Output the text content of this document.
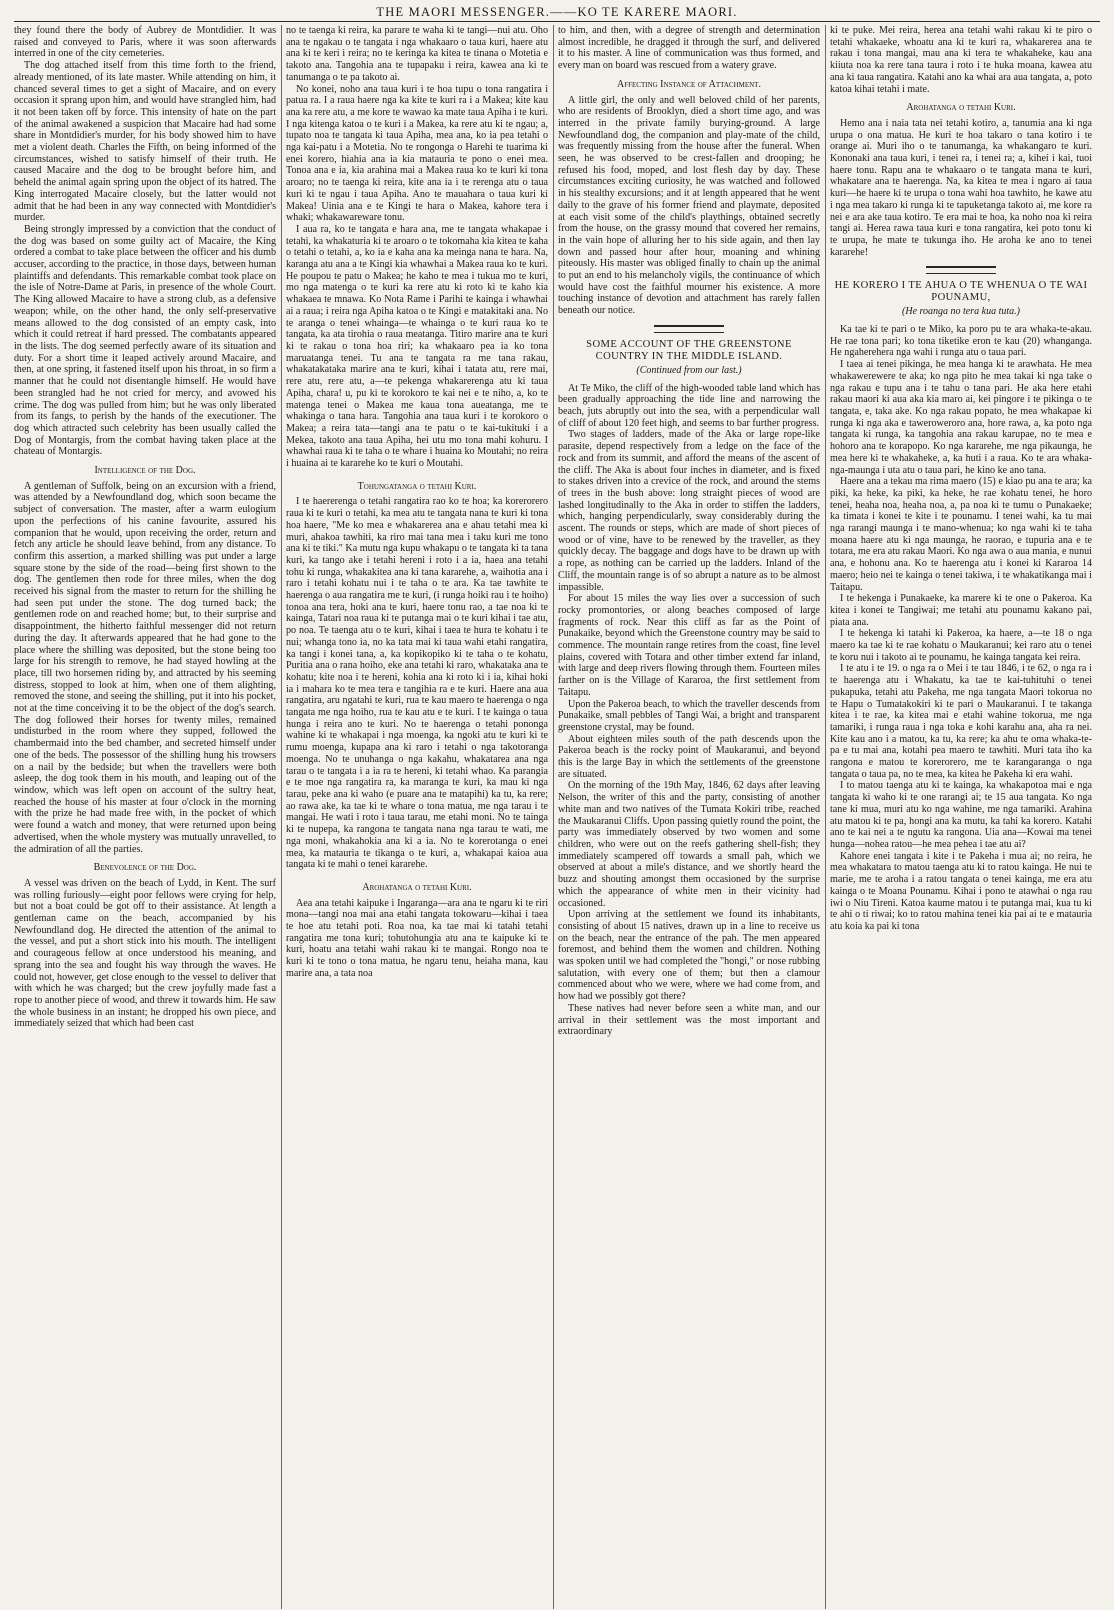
THE MAORI MESSENGER.——KO TE KARERE MAORI.

they found there the body of Aubrey de Montdidier. It was raised and conveyed to Paris, where it was soon afterwards interred in one of the city cemeteries.

The dog attached itself from this time forth to the friend, already mentioned, of its late master. While attending on him, it chanced several times to get a sight of Macaire, and on every occasion it sprang upon him, and would have strangled him, had it not been taken off by force. This intensity of hate on the part of the animal awakened a suspicion that Macaire had had some share in Montdidier's murder, for his body showed him to have met a violent death. Charles the Fifth, on being informed of the circumstances, wished to satisfy himself of their truth. He caused Macaire and the dog to be brought before him, and beheld the animal again spring upon the object of its hatred. The King interrogated Macaire closely, but the latter would not admit that he had been in any way connected with Montdidier's murder.

Being strongly impressed by a conviction that the conduct of the dog was based on some guilty act of Macaire, the King ordered a combat to take place between the officer and his dumb accuser, according to the practice, in those days, between human plaintiffs and defendants. This remarkable combat took place on the isle of Notre-Dame at Paris, in presence of the whole Court. The King allowed Macaire to have a strong club, as a defensive weapon; while, on the other hand, the only self-preservative means allowed to the dog consisted of an empty cask, into which it could retreat if hard pressed. The combatants appeared in the lists. The dog seemed perfectly aware of its situation and duty. For a short time it leaped actively around Macaire, and then, at one spring, it fastened itself upon his throat, in so firm a manner that he could not disentangle himself. He would have been strangled had he not cried for mercy, and avowed his crime. The dog was pulled from him; but he was only liberated from its fangs, to perish by the hands of the executioner. The dog which attracted such celebrity has been usually called the Dog of Montargis, from the combat having taken place at the chateau of Montargis.

Intelligence of the Dog.

A gentleman of Suffolk, being on an excursion with a friend, was attended by a Newfoundland dog, which soon became the subject of conversation. The master, after a warm eulogium upon the perfections of his canine favourite, assured his companion that he would, upon receiving the order, return and fetch any article he should leave behind, from any distance. To confirm this assertion, a marked shilling was put under a large square stone by the side of the road—being first shown to the dog. The gentlemen then rode for three miles, when the dog received his signal from the master to return for the shilling he had seen put under the stone. The dog turned back; the gentlemen rode on and reached home; but, to their surprise and disappointment, the hitherto faithful messenger did not return during the day. It afterwards appeared that he had gone to the place where the shilling was deposited, but the stone being too large for his strength to remove, he had stayed howling at the place, till two horsemen riding by, and attracted by his seeming distress, stopped to look at him, when one of them alighting, removed the stone, and seeing the shilling, put it into his pocket, not at the time conceiving it to be the object of the dog's search. The dog followed their horses for twenty miles, remained undisturbed in the room where they supped, followed the chambermaid into the bed chamber, and secreted himself under one of the beds. The possessor of the shilling hung his trowsers on a nail by the bedside; but when the travellers were both asleep, the dog took them in his mouth, and leaping out of the window, which was left open on account of the sultry heat, reached the house of his master at four o'clock in the morning with the prize he had made free with, in the pocket of which were found a watch and money, that were returned upon being advertised, when the whole mystery was mutually unravelled, to the admiration of all the parties.

Benevolence of the Dog.

A vessel was driven on the beach of Lydd, in Kent. The surf was rolling furiously—eight poor fellows were crying for help, but not a boat could be got off to their assistance. At length a gentleman came on the beach, accompanied by his Newfoundland dog. He directed the attention of the animal to the vessel, and put a short stick into his mouth. The intelligent and courageous fellow at once understood his meaning, and sprang into the sea and fought his way through the waves. He could not, however, get close enough to the vessel to deliver that with which he was charged; but the crew joyfully made fast a rope to another piece of wood, and threw it towards him. He saw the whole business in an instant; he dropped his own piece, and immediately seized that which had been cast

no te taenga ki reira, ka parare te waha ki te tangi—nui atu. Oho ana te ngakau o te tangata i nga whakaaro o taua kuri, haere atu ana ki te keri i reira; no te keringa ka kitea te tinana o Motetia e takoto ana. Tangohia ana te tupapaku i reira, kawea ana ki te tanumanga o te pa takoto ai.

No konei, noho ana taua kuri i te hoa tupu o tona rangatira i patua ra. I a raua haere nga ka kite te kuri ra i a Makea; kite kau ana ka rere atu, a me kore te wawao ka mate taua Apiha i te kuri. I nga kitenga katoa o te kuri i a Makea, ka rere atu ki te ngau; a, tupato noa te tangata ki taua Apiha, mea ana, ko ia pea tetahi o nga kai-patu i a Motetia. No te rongonga o Harehi te tuarima ki enei korero, hiahia ana ia kia matauria te pono o enei mea. Tonoa ana e ia, kia arahina mai a Makea raua ko te kuri ki tona aroaro; no te taenga ki reira, kite ana ia i te rerenga atu o taua kuri ki te ngau i taua Apiha. Ano te mauahara o taua kuri ki Makea! Uinia ana e te Kingi te hara o Makea, kahore tera i whaki; whakawareware tonu.

I aua ra, ko te tangata e hara ana, me te tangata whakapae i tetahi, ka whakaturia ki te aroaro o te tokomaha kia kitea te kaha o tetahi o tetahi, a, ko ia e kaha ana ka meinga nana te hara. Na, karanga atu ana a te Kingi kia whawhai a Makea raua ko te kuri. He poupou te patu o Makea; he kaho te mea i tukua mo te kuri, mo nga matenga o te kuri ka rere atu ki roto ki te kaho kia whakaea te mnawa. Ko Nota Rame i Parihi te kainga i whawhai ai a raua; i reira nga Apiha katoa o te Kingi e matakitaki ana. No te aranga o tenei whainga—te whainga o te kuri raua ko te tangata, ka ata tirohia o raua meatanga. Titiro marire ana te kuri ki te rakau o tona hoa riri; ka whakaaro pea ia ko tona maruatanga tenei. Tu ana te tangata ra me tana rakau, whakatakataka marire ana te kuri, kihai i tatata atu, rere mai, rere atu, rere atu, a—te pekenga whakarerenga atu ki taua Apiha, chara! u, pu ki te korokoro te kai nei e te niho, a, ko te matenga tenei o Makea me kaua tona aueatanga, me te whakinga o tana hara. Tangohia ana taua kuri i te korokoro o Makea; a reira tata—tangi ana te patu o te kai-tukituki i a Mekea, takoto ana taua Apiha, hei utu mo tona mahi kohuru. I whawhai raua ki te taha o te whare i huaina ko Moutahi; no reira i huaina ai te kararehe ko te kuri o Moutahi.

Tohungatanga o tetahi Kuri.

I te haererenga o tetahi rangatira rao ko te hoa; ka korerorero raua ki te kuri o tetahi, ka mea atu te tangata nana te kuri ki tona hoa haere, "Me ko mea e whakarerea ana e ahau tetahi mea ki muri, ahakoa tawhiti, ka riro mai tana mea i taku kuri me tono ana ki te tiki." Ka mutu nga kupu whakapu o te tangata ki ta tana kuri, ka tango ake i tetahi hereni i roto i a ia, haea ana tetahi tohu ki runga, whakakitea ana ki tana kararehe, a, waihotia ana i raro i tetahi kohatu nui i te taha o te ara. Ka tae tawhite te haerenga o aua rangatira me te kuri, (i runga hoiki rau i te hoiho) tonoa ana tera, hoki ana te kuri, haere tonu rao, a tae noa ki te kainga, Tatari noa raua ki te putanga mai o te kuri kihai i tae atu, po noa. Te taenga atu o te kuri, kihai i taea te hura te kohatu i te nui; whanga tono ia, no ka tata mai ki taua wahi etahi rangatira, ka tangi i konei tana, a, ka kopikopiko ki te taha o te kohatu, Puritia ana o rana hoiho, eke ana tetahi ki raro, whakataka ana te kohatu; kite noa i te hereni, kohia ana ki roto ki i ia, kihai hoki ia i mahara ko te mea tera e tangihia ra e te kuri. Haere ana aua rangatira, aru ngatahi te kuri, rua te kau maero te haerenga o nga tangata me nga hoiho, rua te kau atu e te kuri. I te kainga o taua hunga i reira ano te kuri. No te haerenga o tetahi pononga wahine ki te whakapai i nga moenga, ka ngoki atu te kuri ki te rumu moenga, kupapa ana ki raro i tetahi o nga takotoranga moenga. No te unuhanga o nga kakahu, whakatarea ana nga tarau o te tangata i a ia ra te hereni, ki tetahi whao. Ka parangia e te moe nga rangatira ra, ka maranga te kuri, ka mau ki nga tarau, peke ana ki waho (e puare ana te matapihi) ka tu, ka rere; ao rawa ake, ka tae ki te whare o tona matua, me nga tarau i te mangai. He wati i roto i taua tarau, me etahi moni. No te tainga ki te nupepa, ka rangona te tangata nana nga tarau te wati, me nga moni, whakahokia ana ki a ia. No te korerotanga o enei mea, ka matauria te tikanga o te kuri, a, whakapai kaioa aua tangata ki te mahi o tenei kararehe.

Arohatanga o tetahi Kuri.

Aea ana tetahi kaipuke i Ingaranga—ara ana te ngaru ki te riri mona—tangi noa mai ana etahi tangata tokowaru—kihai i taea te hoe atu tetahi poti. Roa noa, ka tae mai ki tatahi tetahi rangatira me tona kuri; tohutohungia atu ana te kaipuke ki te kuri, hoatu ana tetahi wahi rakau ki te mangai. Rongo noa te kuri ki te tono o tona matua, he ngaru tenu, heiaha mana, kau marire ana, a tata noa

to him, and then, with a degree of strength and determination almost incredible, he dragged it through the surf, and delivered it to his master. A line of communication was thus formed, and every man on board was rescued from a watery grave.

Affecting Instance of Attachment.

A little girl, the only and well beloved child of her parents, who are residents of Brooklyn, died a short time ago, and was interred in the private family burying-ground. A large Newfoundland dog, the companion and play-mate of the child, was frequently missing from the house after the funeral. When seen, he was observed to be crest-fallen and drooping; he refused his food, moped, and lost flesh day by day. These circumstances exciting curiosity, he was watched and followed in his stealthy excursions; and it at length appeared that he went daily to the grave of his former friend and playmate, deposited at each visit some of the child's playthings, obtained secretly from the house, on the grassy mound that covered her remains, in the vain hope of alluring her to his side again, and then lay down and passed hour after hour, moaning and whining piteously. His master was obliged finally to chain up the animal to put an end to his melancholy vigils, the continuance of which would have cost the faithful mourner his existence. A more touching instance of devotion and attachment has rarely fallen beneath our notice.

SOME ACCOUNT OF THE GREENSTONE COUNTRY IN THE MIDDLE ISLAND.
(Continued from our last.)

At Te Miko, the cliff of the high-wooded table land which has been gradually approaching the tide line and narrowing the beach, juts abruptly out into the sea, with a perpendicular wall of cliff of about 120 feet high, and seems to bar further progress.

Two stages of ladders, made of the Aka or large rope-like parasite, depend respectively from a ledge on the face of the rock and from its summit, and afford the means of the ascent of the cliff. The Aka is about four inches in diameter, and is fixed to stakes driven into a crevice of the rock, and around the stems of trees in the bush above: long straight pieces of wood are lashed longitudinally to the Aka in order to stiffen the ladders, which, hanging perpendicularly, sway considerably during the ascent. The rounds or steps, which are made of short pieces of wood or of vine, have to be renewed by the traveller, as they quickly decay. The baggage and dogs have to be drawn up with a rope, as nothing can be carried up the ladders. Inland of the Cliff, the mountain range is of so abrupt a nature as to be almost impassible.

For about 15 miles the way lies over a succession of such rocky promontories, or along beaches composed of large fragments of rock. Near this cliff as far as the Point of Punakaike, beyond which the Greenstone country may be said to commence. The mountain range retires from the coast, fine level plains, covered with Totara and other timber extend far inland, with large and deep rivers flowing through them. Fourteen miles farther on is the Village of Kararoa, the first settlement from Taitapu.

Upon the Pakeroa beach, to which the traveller descends from Punakaike, small pebbles of Tangi Wai, a bright and transparent greenstone crystal, may be found.

About eighteen miles south of the path descends upon the Pakeroa beach is the rocky point of Maukaranui, and beyond this is the large Bay in which the settlements of the greenstone are situated.

On the morning of the 19th May, 1846, 62 days after leaving Nelson, the writer of this and the party, consisting of another white man and two natives of the Tumata Kokiri tribe, reached the Maukaranui Cliffs. Upon passing quietly round the point, the party was immediately observed by two women and some children, who were out on the reefs gathering shell-fish; they immediately scampered off towards a small pah, which we observed at about a mile's distance, and we shortly heard the buzz and shouting amongst them occasioned by the surprise which the appearance of white men in their vicinity had occasioned.

Upon arriving at the settlement we found its inhabitants, consisting of about 15 natives, drawn up in a line to receive us on the beach, near the entrance of the pah. The men appeared foremost, and behind them the women and children. Nothing was spoken until we had completed the "hongi," or nose rubbing salutation, with every one of them; but then a clamour commenced about who we were, where we had come from, and how had we possibly got there?

These natives had never before seen a white man, and our arrival in their settlement was the most important and extraordinary

ki te puke. Mei reira, herea ana tetahi wahi rakau ki te piro o tetahi whakaeke, whoatu ana ki te kuri ra, whakarerea ana te rakau i tona mangai, mau ana ki tera te whakaheke, kau ana kiiuta noa ka rere tana taura i roto i te huka moana, kawea atu ana ki taua rangatira. Katahi ano ka whai ara aua tangata, a, poto katoa kihai tetahi i mate.

Arohatanga o tetahi Kuri.

Hemo ana i naia tata nei tetahi kotiro, a, tanumia ana ki nga urupa o ona matua. He kuri te hoa takaro o tana kotiro i te orange ai. Muri iho o te tanumanga, ka whakangaro te kuri. Kononaki ana taua kuri, i tenei ra, i tenei ra; a, kihei i kai, tuoi haere tonu. Rapu ana te whakaaro o te tangata mana te kuri, whakatare ana te haerenga. Na, ka kitea te mea i ngaro ai taua kuri—he haere ki te urupa o tona wahi hoa tawhito, he kawe atu i nga mea takaro ki runga ki te tapuketanga takoto ai, me kore ra nei e ara ake taua kotiro. Te era mai te hoa, ka noho noa ki reira tangi ai. Herea rawa taua kuri e tona rangatira, kei poto tonu ki te urupa, he mate te tukunga iho. He aroha ke ano to tenei kararehe!

HE KORERO I TE AHUA O TE WHENUA O TE WAI POUNAMU,
(He roanga no tera kua tuta.)

Ka tae ki te pari o te Miko, ka poro pu te ara whaka-te-akau. He rae tona pari; ko tona tiketike eron te kau (20) whanganga. He ngaherehera nga wahi i runga atu o taua pari.

I taea ai tenei pikinga, he mea hanga ki te arawhata. He mea whakawerewere te aka; ko nga pito he mea takai ki nga take o nga rakau e tupu ana i te tahu o tana pari. He aka here etahi rakau maori ki aua aka kia maro ai, kei pingore i te pikinga o te tangata, e, taka ake. Ko nga rakau popato, he mea whakapae ki runga ki nga aka e taweroweroro ana, hore rawa, a, ka poto nga tangata ki runga, ka tangohia ana rakau karupae, no te mea e hohoro ana te korapopo. Ko nga kararehe, me nga pikaunga, he mea here ki te whakaheke, a, ka huti i a raua. Ko te ara whaka-nga-maunga i uta atu o taua pari, he kino ke ano tana.

Haere ana a tekau ma rima maero (15) e kiao pu ana te ara; ka piki, ka heke, ka piki, ka heke, he rae kohatu tenei, he horo tenei, heaha noa, heaha noa, a, pa noa ki te tumu o Punakaeke; ka timata i konei te kite i te pounamu. I tenei wahi, ka tu mai nga rarangi maunga i te mano-whenua; ko nga wahi ki te taha moana haere atu ki nga maunga, he raorao, e tupuria ana e te totara, me era atu rakau Maori. Ko nga awa o aua mania, e nunui ana, e hohonu ana. Ko te haerenga atu i konei ki Kararoa 14 maero; heio nei te kainga o tenei takiwa, i te whakatikanga mai i Taitapu.

I te hekenga i Punakaeke, ka marere ki te one o Pakeroa. Ka kitea i konei te Tangiwai; me tetahi atu pounamu kakano pai, piata ana.

I te hekenga ki tatahi ki Pakeroa, ka haere, a—te 18 o nga maero ka tae ki te rae kohatu o Maukaranui; kei raro atu o tenei te koru nui i takoto ai te pounamu, he kainga tangata kei reira.

I te atu i te 19. o nga ra o Mei i te tau 1846, i te 62, o nga ra i te haerenga atu i Whakatu, ka tae te kai-tuhituhi o tenei pukapuka, tetahi atu Pakeha, me nga tangata Maori tokorua no te Hapu o Tumatakokiri ki te pari o Maukaranui. I te takanga kitea i te rae, ka kitea mai e etahi wahine tokorua, me nga tamariki, i runga raua i nga toka e kohi karahu ana, aha ra nei. Kite kau ano i a matou, ka tu, ka rere; ka ahu te oma whaka-te-pa e tu mai ana, kotahi pea maero te tawhiti. Muri tata iho ka rangona e matou te korerorero, me te karangaranga o nga tangata o taua pa, no te mea, ka kitea he Pakeha ki era wahi.

I to matou taenga atu ki te kainga, ka whakapotoa mai e nga tangata ki waho ki te one rarangi ai; te 15 aua tangata. Ko nga tane ki mua, muri atu ko nga wahine, me nga tamariki. Arahina atu matou ki te pa, hongi ana ka mutu, ka tahi ka korero. Katahi ano te kai nei a te ngutu ka rangona. Uia ana—Kowai ma tenei hunga—nohea ratou—he mea pehea i tae atu ai?

Kahore enei tangata i kite i te Pakeha i mua ai; no reira, he mea whakatara to matou taenga atu ki to ratou kainga. He nui te marie, me te aroha i a ratou tangata o tenei kainga, me era atu kainga o te Moana Pounamu. Kihai i pono te atawhai o nga rau iwi o Niu Tireni. Katoa kaume matou i te putanga mai, kua tu ki te ahi o ti riwai; ko to ratou mahina tenei kia pai ai te e matauria atu koia ka pai ki tona
